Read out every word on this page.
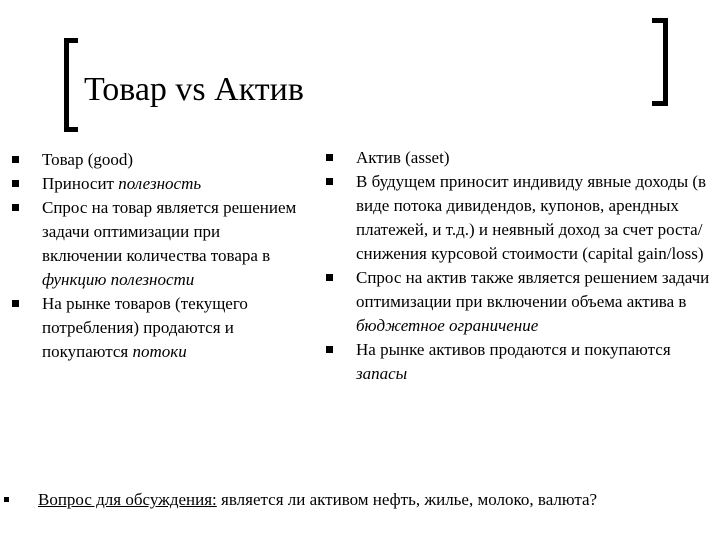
Товар vs Актив
Товар (good)
Приносит полезность
Спрос на товар является решением задачи оптимизации при включении количества товара в функцию полезности
На рынке товаров (текущего потребления) продаются и покупаются потоки
Актив (asset)
В будущем приносит индивиду явные доходы (в виде потока дивидендов, купонов, арендных платежей, и т.д.) и неявный доход за счет роста/снижения курсовой стоимости (capital gain/loss)
Спрос на актив также является решением задачи оптимизации при включении объема актива в бюджетное ограничение
На рынке активов продаются и покупаются запасы
Вопрос для обсуждения: является ли активом нефть, жилье, молоко, валюта?
